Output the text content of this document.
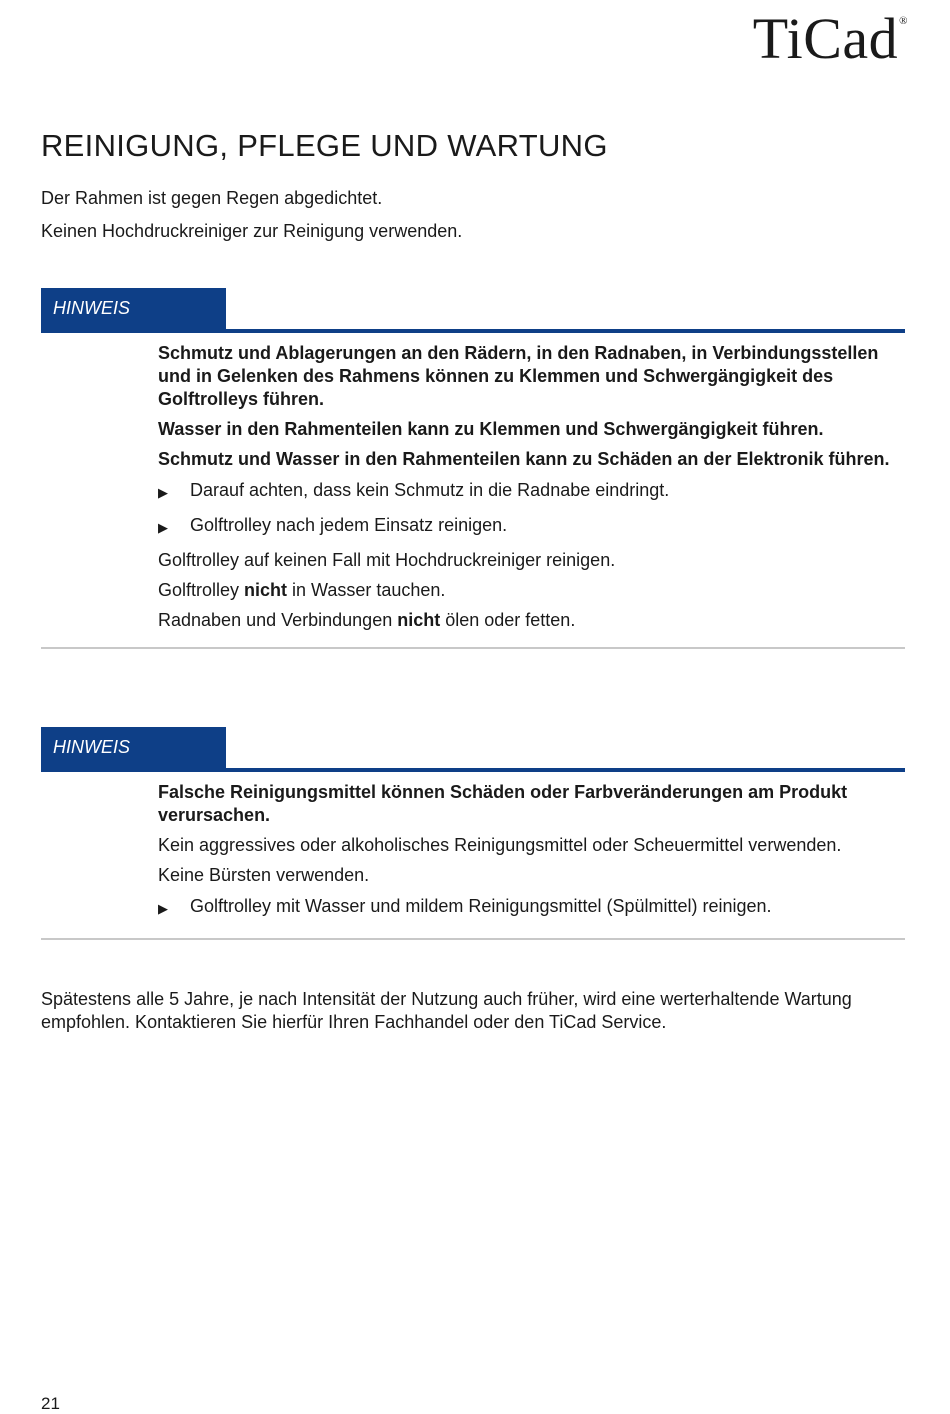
TiCad®
REINIGUNG, PFLEGE UND WARTUNG

Der Rahmen ist gegen Regen abgedichtet.

Keinen Hochdruckreiniger zur Reinigung verwenden.

HINWEIS

Schmutz und Ablagerungen an den Rädern, in den Radnaben, in Verbindungsstellen und in Gelenken des Rahmens können zu Klemmen und Schwergängigkeit des Golftrolleys führen.

Wasser in den Rahmenteilen kann zu Klemmen und Schwergängigkeit führen.

Schmutz und Wasser in den Rahmenteilen kann zu Schäden an der Elektronik führen.

▶	Darauf achten, dass kein Schmutz in die Radnabe eindringt.
▶	Golftrolley nach jedem Einsatz reinigen.

Golftrolley auf keinen Fall mit Hochdruckreiniger reinigen.

Golftrolley nicht in Wasser tauchen.

Radnaben und Verbindungen nicht ölen oder fetten.

HINWEIS

Falsche Reinigungsmittel können Schäden oder Farbveränderungen am Produkt verursachen.

Kein aggressives oder alkoholisches Reinigungsmittel oder Scheuermittel verwenden.

Keine Bürsten verwenden.

▶	Golftrolley mit Wasser und mildem Reinigungsmittel (Spülmittel) reinigen.

Spätestens alle 5 Jahre, je nach Intensität der Nutzung auch früher, wird eine werterhaltende Wartung empfohlen. Kontaktieren Sie hierfür Ihren Fachhandel oder den TiCad Service.

21
